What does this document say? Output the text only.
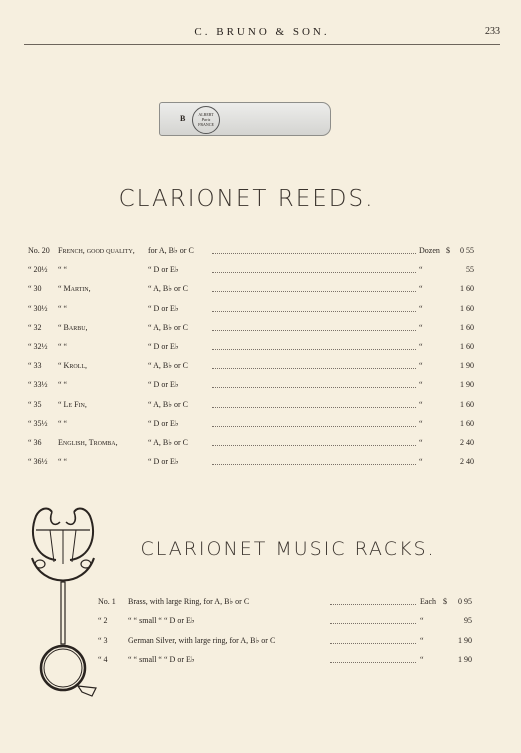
C. BRUNO & SON.	233
ALBERT
Paris
FRANCE
B
CLARIONET REEDS.
No. 20	French, good quality,	for A, B♭ or C	Dozen $	0 55
“ 20½	“ “	“ D or E♭	“	55
“ 30	“ Martin,	“ A, B♭ or C	“	1 60
“ 30½	“ “	“ D or E♭	“	1 60
“ 32	“ Barbu,	“ A, B♭ or C	“	1 60
“ 32½	“ “	“ D or E♭	“	1 60
“ 33	“ Kroll,	“ A, B♭ or C	“	1 90
“ 33½	“ “	“ D or E♭	“	1 90
“ 35	“ Le Fin,	“ A, B♭ or C	“	1 60
“ 35½	“ “	“ D or E♭	“	1 60
“ 36	English, Tromba,	“ A, B♭ or C	“	2 40
“ 36½	“ “	“ D or E♭	“	2 40
CLARIONET MUSIC RACKS.
No. 1	Brass, with large Ring, for A, B♭ or C	Each $	0 95
“ 2	“ “ small “ “ D or E♭	“	95
“ 3	German Silver, with large ring, for A, B♭ or C	“	1 90
“ 4	“ “ small “ “ D or E♭	“	1 90
